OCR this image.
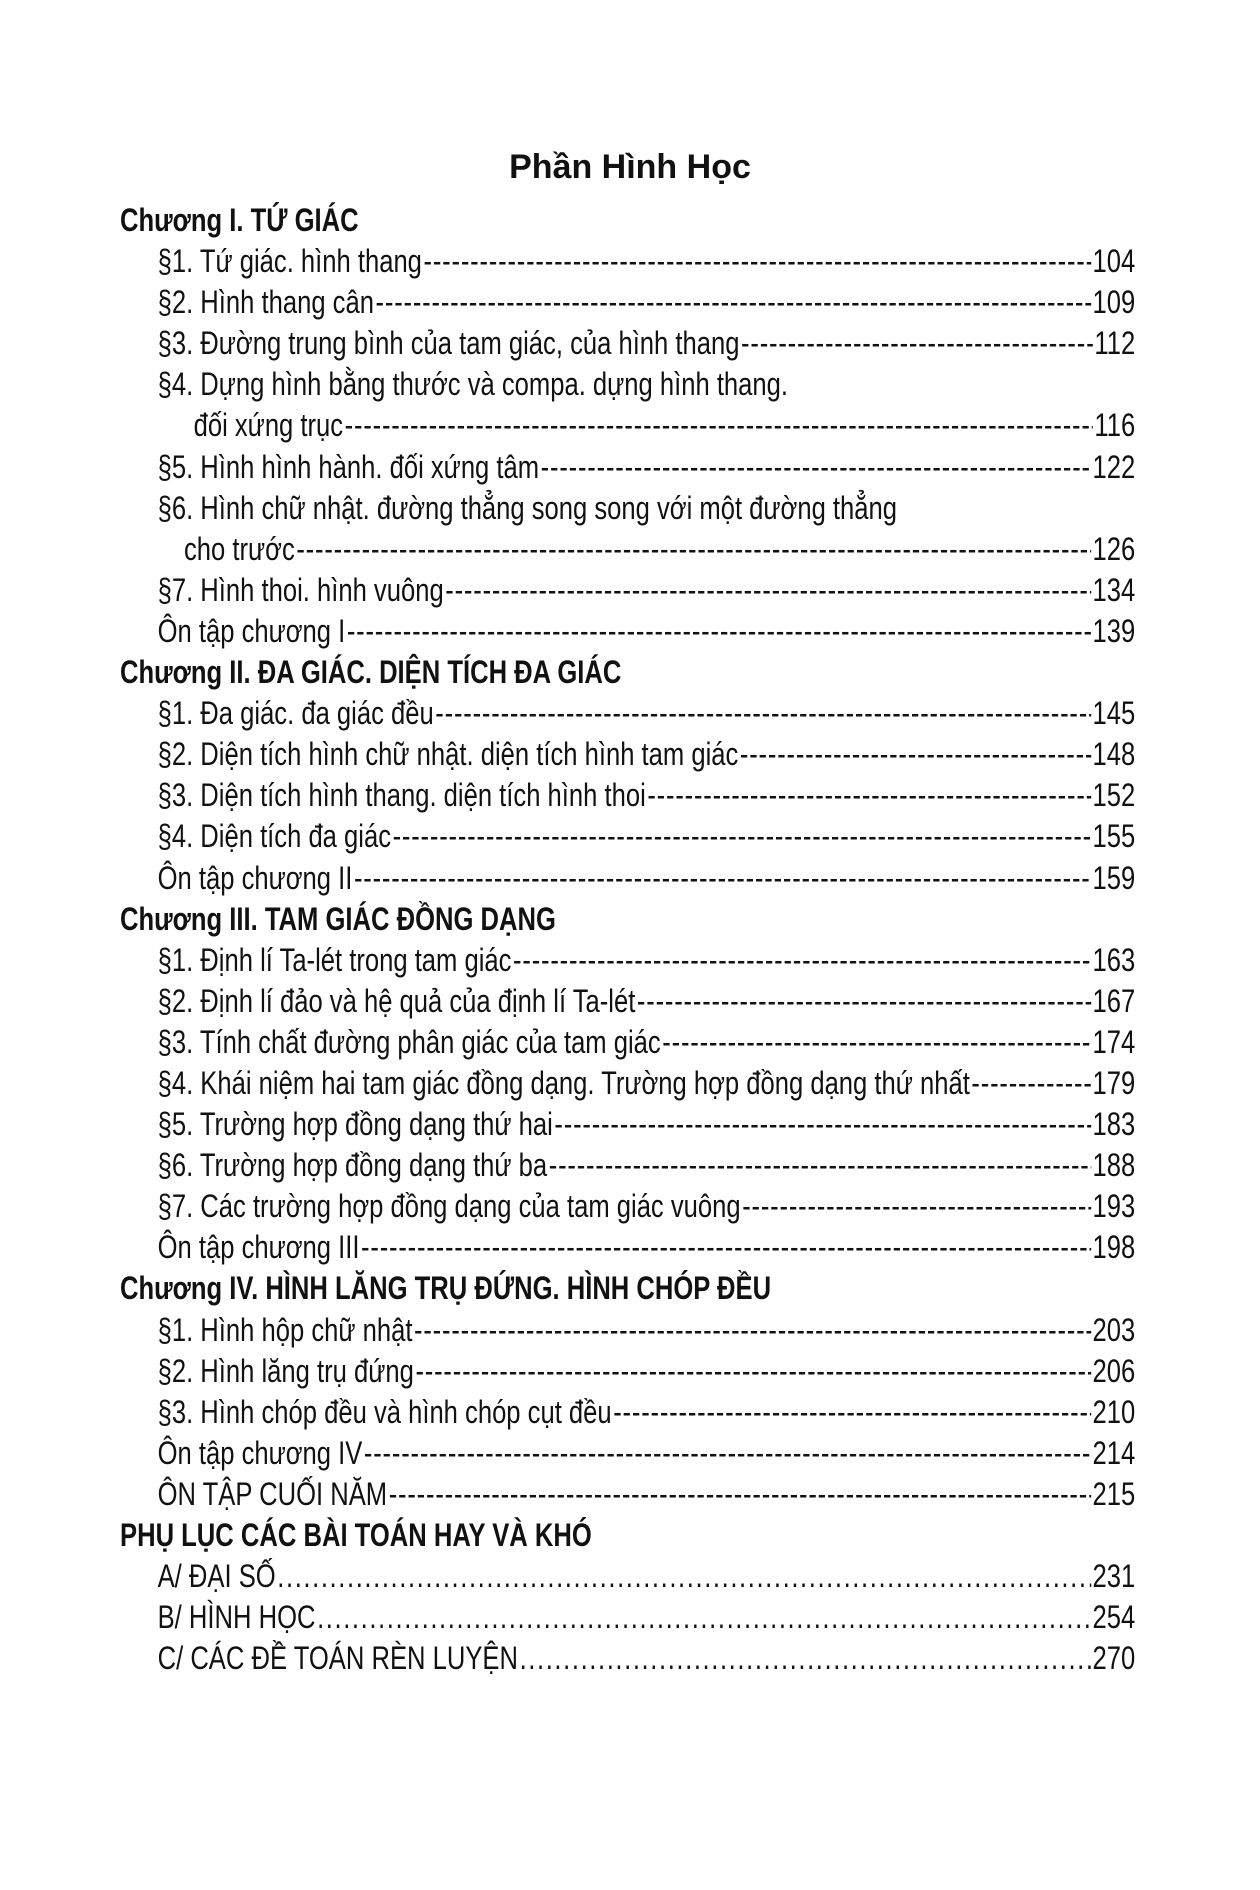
Phần Hình Học
Chương I. TỨ GIÁC
§1. Tứ giác. hình thang -----	104
§2. Hình thang cân -----	109
§3. Đường trung bình của tam giác, của hình thang -----	112
§4. Dựng hình bằng thước và compa. dựng hình thang.
đối xứng trục -----	116
§5. Hình hình hành. đối xứng tâm -----	122
§6. Hình chữ nhật. đường thẳng song song với một đường thẳng
cho trước -----	126
§7. Hình thoi. hình vuông -----	134
Ôn tập chương I -----	139
Chương II. ĐA GIÁC. DIỆN TÍCH ĐA GIÁC
§1. Đa giác. đa giác đều -----	145
§2. Diện tích hình chữ nhật. diện tích hình tam giác -----	148
§3. Diện tích hình thang. diện tích hình thoi -----	152
§4. Diện tích đa giác -----	155
Ôn tập chương II -----	159
Chương III. TAM GIÁC ĐỒNG DẠNG
§1. Định lí Ta-lét trong tam giác -----	163
§2. Định lí đảo và hệ quả của định lí Ta-lét -----	167
§3. Tính chất đường phân giác của tam giác -----	174
§4. Khái niệm hai tam giác đồng dạng. Trường hợp đồng dạng thứ nhất -----	179
§5. Trường hợp đồng dạng thứ hai -----	183
§6. Trường hợp đồng dạng thứ ba -----	188
§7. Các trường hợp đồng dạng của tam giác vuông -----	193
Ôn tập chương III -----	198
Chương IV. HÌNH LĂNG TRỤ ĐỨNG. HÌNH CHÓP ĐỀU
§1. Hình hộp chữ nhật -----	203
§2. Hình lăng trụ đứng -----	206
§3. Hình chóp đều và hình chóp cụt đều -----	210
Ôn tập chương IV -----	214
ÔN TẬP CUỐI NĂM -----	215
PHỤ LỤC CÁC BÀI TOÁN HAY VÀ KHÓ
A/ ĐẠI SỐ .....	231
B/ HÌNH HỌC .....	254
C/ CÁC ĐỀ TOÁN RÈN LUYỆN .....	270
